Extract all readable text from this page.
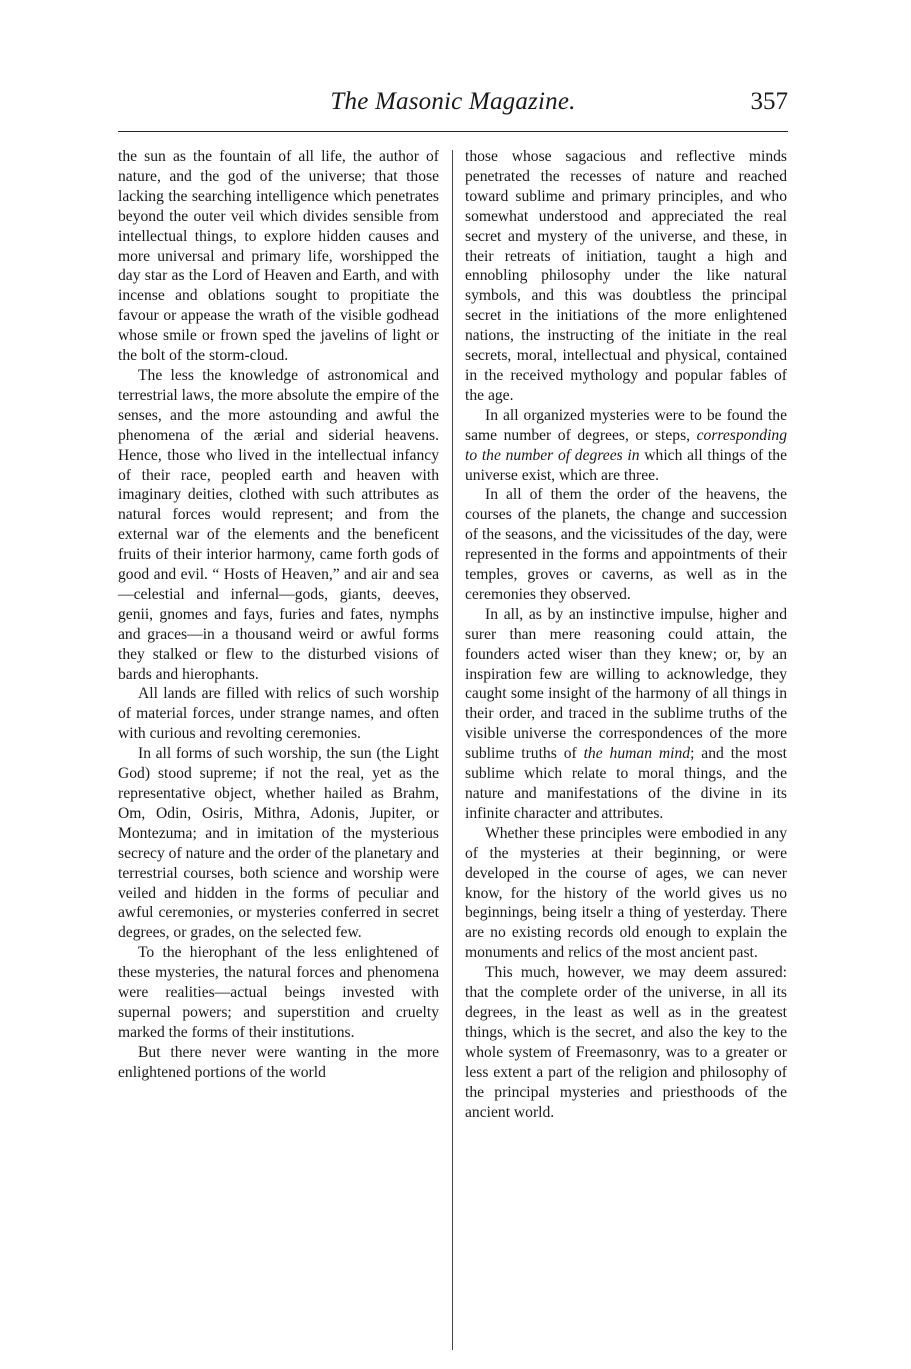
The Masonic Magazine.	357

the sun as the fountain of all life, the author of nature, and the god of the universe; that those lacking the searching intelligence which penetrates beyond the outer veil which divides sensible from intellectual things, to explore hidden causes and more universal and primary life, worshipped the day star as the Lord of Heaven and Earth, and with incense and oblations sought to propitiate the favour or appease the wrath of the visible godhead whose smile or frown sped the javelins of light or the bolt of the storm-cloud.

The less the knowledge of astronomical and terrestrial laws, the more absolute the empire of the senses, and the more astounding and awful the phenomena of the ærial and siderial heavens. Hence, those who lived in the intellectual infancy of their race, peopled earth and heaven with imaginary deities, clothed with such attributes as natural forces would represent; and from the external war of the elements and the beneficent fruits of their interior harmony, came forth gods of good and evil. “ Hosts of Heaven,” and air and sea —celestial and infernal—gods, giants, deeves, genii, gnomes and fays, furies and fates, nymphs and graces—in a thousand weird or awful forms they stalked or flew to the disturbed visions of bards and hierophants.

All lands are filled with relics of such worship of material forces, under strange names, and often with curious and revolting ceremonies.

In all forms of such worship, the sun (the Light God) stood supreme; if not the real, yet as the representative object, whether hailed as Brahm, Om, Odin, Osiris, Mithra, Adonis, Jupiter, or Montezuma; and in imitation of the mysterious secrecy of nature and the order of the planetary and terrestrial courses, both science and worship were veiled and hidden in the forms of peculiar and awful ceremonies, or mysteries conferred in secret degrees, or grades, on the selected few.

To the hierophant of the less enlightened of these mysteries, the natural forces and phenomena were realities—actual beings invested with supernal powers; and superstition and cruelty marked the forms of their institutions.

But there never were wanting in the more enlightened portions of the world

those whose sagacious and reflective minds penetrated the recesses of nature and reached toward sublime and primary principles, and who somewhat understood and appreciated the real secret and mystery of the universe, and these, in their retreats of initiation, taught a high and ennobling philosophy under the like natural symbols, and this was doubtless the principal secret in the initiations of the more enlightened nations, the instructing of the initiate in the real secrets, moral, intellectual and physical, contained in the received mythology and popular fables of the age.

In all organized mysteries were to be found the same number of degrees, or steps, corresponding to the number of degrees in which all things of the universe exist, which are three.

In all of them the order of the heavens, the courses of the planets, the change and succession of the seasons, and the vicissitudes of the day, were represented in the forms and appointments of their temples, groves or caverns, as well as in the ceremonies they observed.

In all, as by an instinctive impulse, higher and surer than mere reasoning could attain, the founders acted wiser than they knew; or, by an inspiration few are willing to acknowledge, they caught some insight of the harmony of all things in their order, and traced in the sublime truths of the visible universe the correspondences of the more sublime truths of the human mind; and the most sublime which relate to moral things, and the nature and manifestations of the divine in its infinite character and attributes.

Whether these principles were embodied in any of the mysteries at their beginning, or were developed in the course of ages, we can never know, for the history of the world gives us no beginnings, being itselr a thing of yesterday. There are no existing records old enough to explain the monuments and relics of the most ancient past.

This much, however, we may deem assured: that the complete order of the universe, in all its degrees, in the least as well as in the greatest things, which is the secret, and also the key to the whole system of Freemasonry, was to a greater or less extent a part of the religion and philosophy of the principal mysteries and priesthoods of the ancient world.
